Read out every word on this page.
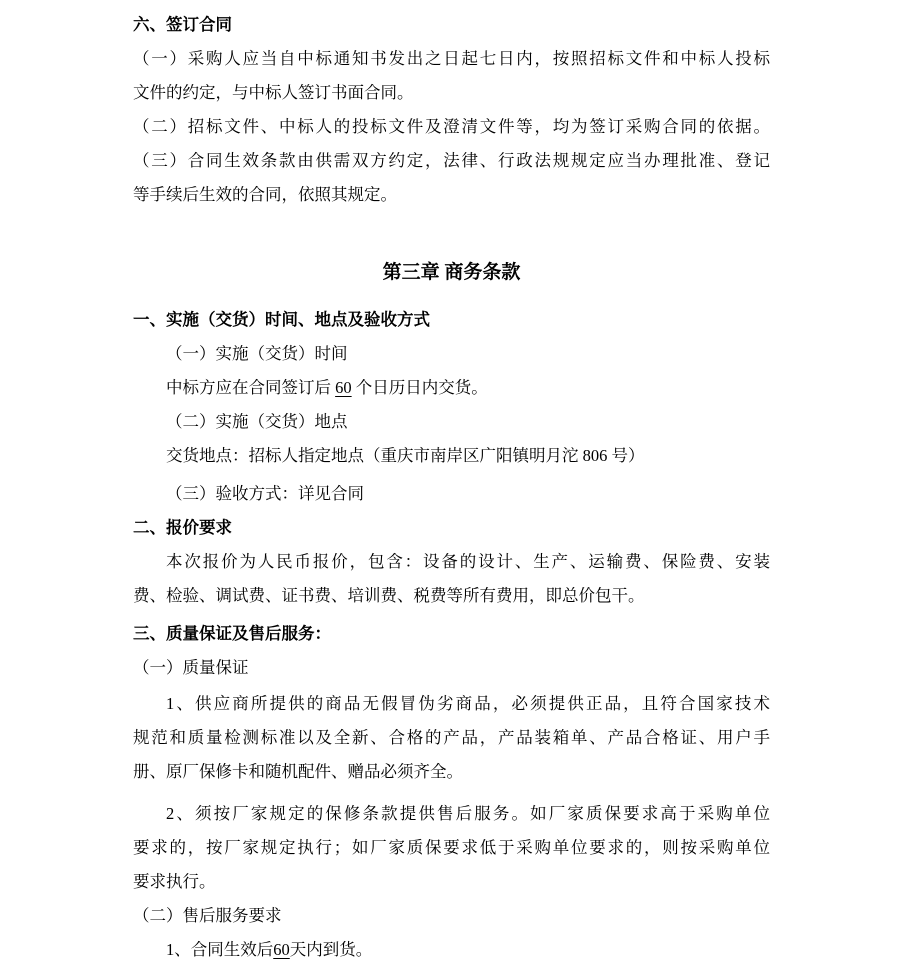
六、签订合同
（一）采购人应当自中标通知书发出之日起七日内，按照招标文件和中标人投标
文件的约定，与中标人签订书面合同。
（二）招标文件、中标人的投标文件及澄清文件等，均为签订采购合同的依据。
（三）合同生效条款由供需双方约定，法律、行政法规规定应当办理批准、登记
等手续后生效的合同，依照其规定。
第三章 商务条款
一、实施（交货）时间、地点及验收方式
（一）实施（交货）时间
中标方应在合同签订后 60 个日历日内交货。
（二）实施（交货）地点
交货地点：招标人指定地点（重庆市南岸区广阳镇明月沱 806 号）
（三）验收方式：详见合同
二、报价要求
本次报价为人民币报价，包含：设备的设计、生产、运输费、保险费、安装
费、检验、调试费、证书费、培训费、税费等所有费用，即总价包干。
三、质量保证及售后服务：
（一）质量保证
1、供应商所提供的商品无假冒伪劣商品，必须提供正品，且符合国家技术
规范和质量检测标准以及全新、合格的产品，产品装箱单、产品合格证、用户手
册、原厂保修卡和随机配件、赠品必须齐全。
2、须按厂家规定的保修条款提供售后服务。如厂家质保要求高于采购单位
要求的，按厂家规定执行；如厂家质保要求低于采购单位要求的，则按采购单位
要求执行。
（二）售后服务要求
1、合同生效后60天内到货。
